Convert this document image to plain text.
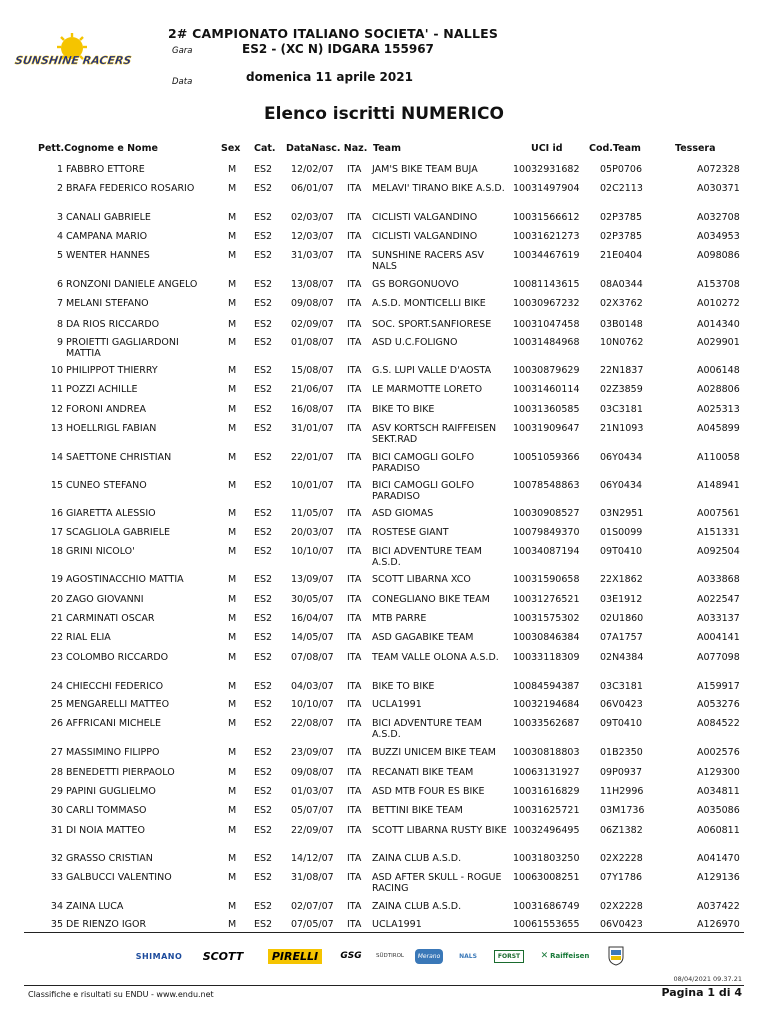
SUNSHINE RACERS
2# CAMPIONATO ITALIANO SOCIETA' - NALLES
Gara	ES2 - (XC N) IDGARA 155967
Data	domenica 11 aprile 2021
Elenco iscritti NUMERICO
Pett.Cognome e Nome	Sex Cat. DataNasc. Naz. Team	UCI id	Cod.Team	Tessera
1 FABBRO ETTORE	M ES2 12/02/07 ITA JAM'S BIKE TEAM BUJA	10032931682 05P0706	A072328
2 BRAFA FEDERICO ROSARIO	M ES2 06/01/07 ITA MELAVI' TIRANO BIKE A.S.D. 10031497904 02C2113	A030371
3 CANALI GABRIELE	M ES2 02/03/07 ITA CICLISTI VALGANDINO	10031566612 02P3785	A032708
4 CAMPANA MARIO	M ES2 12/03/07 ITA CICLISTI VALGANDINO	10031621273 02P3785	A034953
5 WENTER HANNES	M ES2 31/03/07 ITA SUNSHINE RACERS ASV NALS
10034467619 21E0404	A098086
6 RONZONI DANIELE ANGELO	M ES2 13/08/07 ITA GS BORGONUOVO	10081143615 08A0344	A153708
7 MELANI STEFANO	M ES2 09/08/07 ITA A.S.D. MONTICELLI BIKE	10030967232 02X3762	A010272
8 DA RIOS RICCARDO	M ES2 02/09/07 ITA SOC. SPORT.SANFIORESE	10031047458 03B0148	A014340
9 PROIETTI GAGLIARDONI MATTIA
M ES2 01/08/07 ITA ASD U.C.FOLIGNO	10031484968 10N0762	A029901
10 PHILIPPOT THIERRY	M ES2 15/08/07 ITA G.S. LUPI VALLE D'AOSTA	10030879629 22N1837	A006148
11 POZZI ACHILLE	M ES2 21/06/07 ITA LE MARMOTTE LORETO	10031460114 02Z3859	A028806
12 FORONI ANDREA	M ES2 16/08/07 ITA BIKE TO BIKE	10031360585 03C3181	A025313
13 HOELLRIGL FABIAN	M ES2 31/01/07 ITA ASV KORTSCH RAIFFEISEN SEKT.RAD
10031909647 21N1093	A045899
14 SAETTONE CHRISTIAN	M ES2 22/01/07 ITA BICI CAMOGLI GOLFO PARADISO
10051059366 06Y0434	A110058
15 CUNEO STEFANO	M ES2 10/01/07 ITA BICI CAMOGLI GOLFO PARADISO
10078548863 06Y0434	A148941
16 GIARETTA ALESSIO	M ES2 11/05/07 ITA ASD GIOMAS	10030908527 03N2951	A007561
17 SCAGLIOLA GABRIELE	M ES2 20/03/07 ITA ROSTESE GIANT	10079849370 01S0099	A151331
18 GRINI NICOLO'	M ES2 10/10/07 ITA BICI ADVENTURE TEAM A.S.D.
10034087194 09T0410	A092504
19 AGOSTINACCHIO MATTIA	M ES2 13/09/07 ITA SCOTT LIBARNA XCO	10031590658 22X1862	A033868
20 ZAGO GIOVANNI	M ES2 30/05/07 ITA CONEGLIANO BIKE TEAM	10031276521 03E1912	A022547
21 CARMINATI OSCAR	M ES2 16/04/07 ITA MTB PARRE	10031575302 02U1860	A033137
22 RIAL ELIA	M ES2 14/05/07 ITA ASD GAGABIKE TEAM	10030846384 07A1757	A004141
23 COLOMBO RICCARDO	M ES2 07/08/07 ITA TEAM VALLE OLONA A.S.D.	10033118309 02N4384	A077098
24 CHIECCHI FEDERICO	M ES2 04/03/07 ITA BIKE TO BIKE	10084594387 03C3181	A159917
25 MENGARELLI MATTEO	M ES2 10/10/07 ITA UCLA1991	10032194684 06V0423	A053276
26 AFFRICANI MICHELE	M ES2 22/08/07 ITA BICI ADVENTURE TEAM A.S.D.
10033562687 09T0410	A084522
27 MASSIMINO FILIPPO	M ES2 23/09/07 ITA BUZZI UNICEM BIKE TEAM	10030818803 01B2350	A002576
28 BENEDETTI PIERPAOLO	M ES2 09/08/07 ITA RECANATI BIKE TEAM	10063131927 09P0937	A129300
29 PAPINI GUGLIELMO	M ES2 01/03/07 ITA ASD MTB FOUR ES BIKE	10031616829 11H2996	A034811
30 CARLI TOMMASO	M ES2 05/07/07 ITA BETTINI BIKE TEAM	10031625721 03M1736	A035086
31 DI NOIA MATTEO	M ES2 22/09/07 ITA SCOTT LIBARNA RUSTY BIKE 10032496495 06Z1382	A060811
32 GRASSO CRISTIAN	M ES2 14/12/07 ITA ZAINA CLUB A.S.D.	10031803250 02X2228	A041470
33 GALBUCCI VALENTINO	M ES2 31/08/07 ITA ASD AFTER SKULL - ROGUE RACING
10063008251 07Y1786	A129136
34 ZAINA LUCA	M ES2 02/07/07 ITA ZAINA CLUB A.S.D.	10031686749 02X2228	A037422
35 DE RIENZO IGOR	M ES2 07/05/07 ITA UCLA1991	10061553655 06V0423	A126970
SHIMANO SCOTT	PIRELLI	GSG	SÜDTIROL	Merano	NALS	FORST	✕ Raiffeisen
08/04/2021 09.37.21
Classifiche e risultati su ENDU - www.endu.net	Pagina 1 di 4
